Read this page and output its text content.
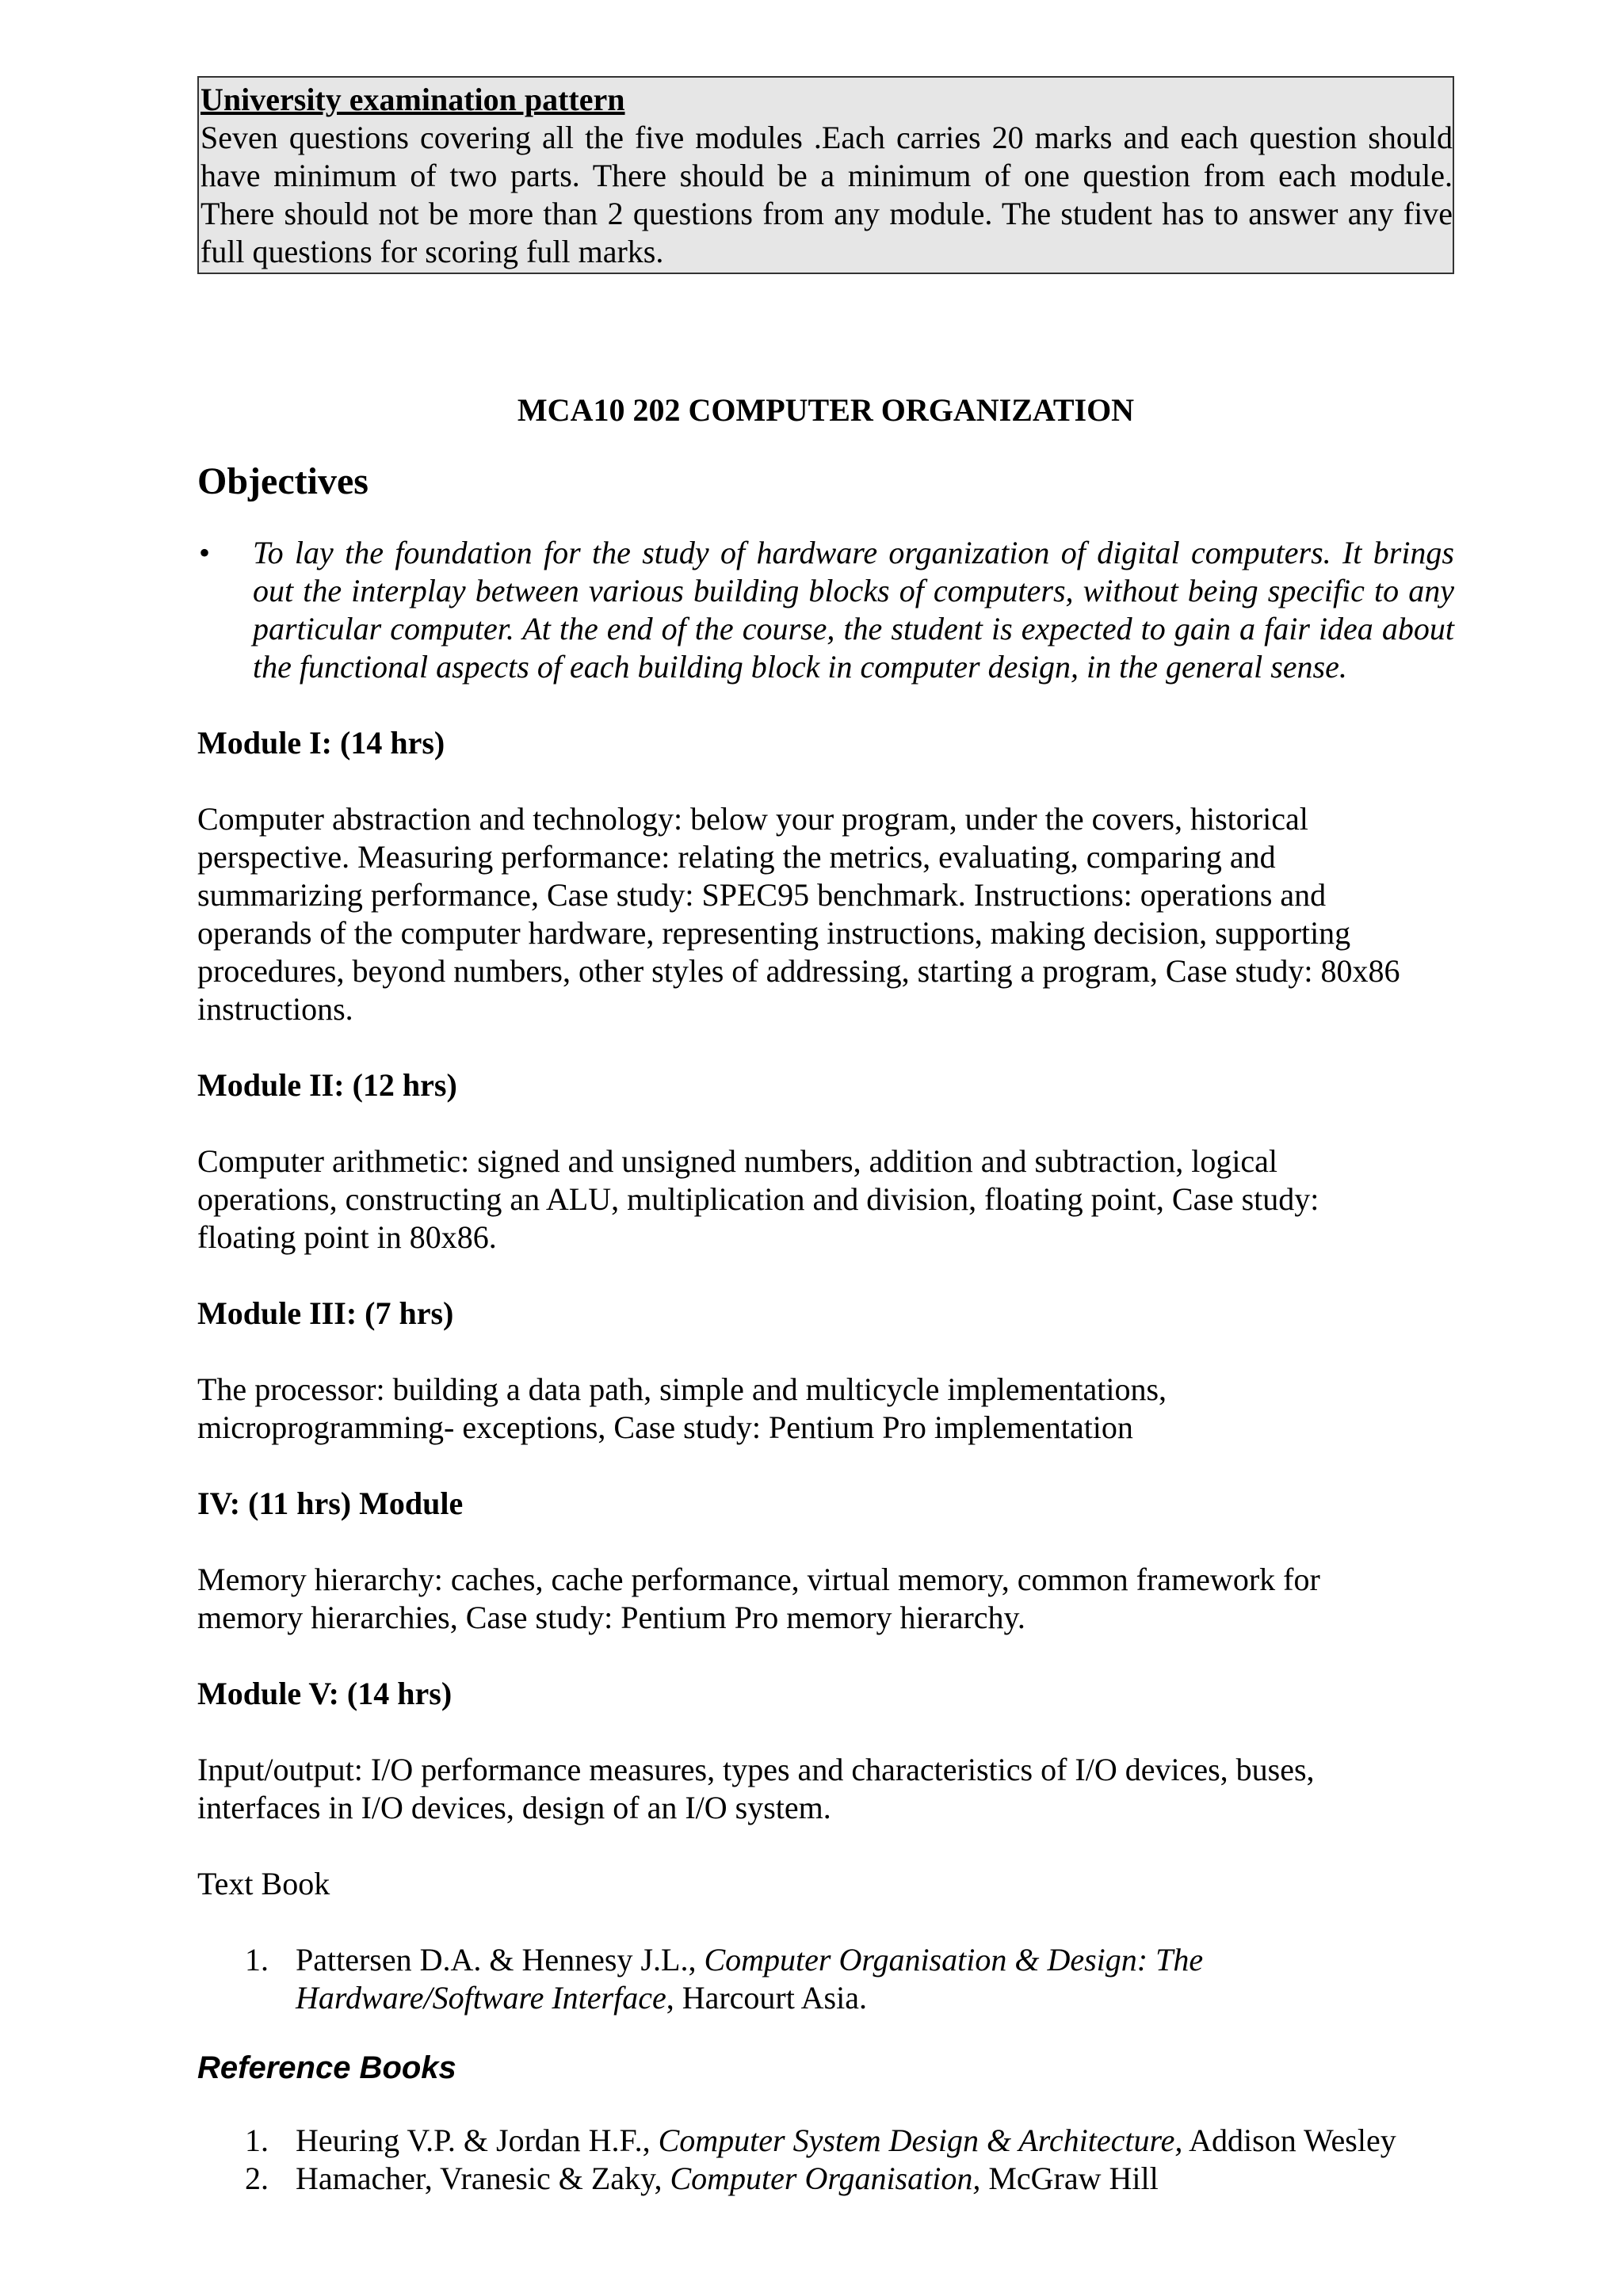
University examination pattern
Seven questions covering all the five modules .Each carries 20 marks and each question should have minimum of two parts. There should be a minimum of one question from each module. There should not be more than 2 questions from any module. The student has to answer any five full questions for scoring full marks.
MCA10 202 COMPUTER ORGANIZATION
Objectives
• To lay the foundation for the study of hardware organization of digital computers. It brings out the interplay between various building blocks of computers, without being specific to any particular computer. At the end of the course, the student is expected to gain a fair idea about the functional aspects of each building block in computer design, in the general sense.
Module I: (14 hrs)
Computer abstraction and technology: below your program, under the covers, historical
perspective. Measuring performance: relating the metrics, evaluating, comparing and
summarizing performance, Case study: SPEC95 benchmark. Instructions: operations and
operands of the computer hardware, representing instructions, making decision, supporting
procedures, beyond numbers, other styles of addressing, starting a program, Case study: 80x86
instructions.
Module II: (12 hrs)
Computer arithmetic: signed and unsigned numbers, addition and subtraction, logical
operations, constructing an ALU, multiplication and division, floating point, Case study:
floating point in 80x86.
Module III: (7 hrs)
The processor: building a data path, simple and multicycle implementations,
microprogramming- exceptions, Case study: Pentium Pro implementation
IV: (11 hrs) Module
Memory hierarchy: caches, cache performance, virtual memory, common framework for
memory hierarchies, Case study: Pentium Pro memory hierarchy.
Module V: (14 hrs)
Input/output: I/O performance measures, types and characteristics of I/O devices, buses,
interfaces in I/O devices, design of an I/O system.
Text Book
1. Pattersen D.A. & Hennesy J.L., Computer Organisation & Design: The
Hardware/Software Interface, Harcourt Asia.
Reference Books
1. Heuring V.P. & Jordan H.F., Computer System Design & Architecture, Addison Wesley
2. Hamacher, Vranesic & Zaky, Computer Organisation, McGraw Hill
